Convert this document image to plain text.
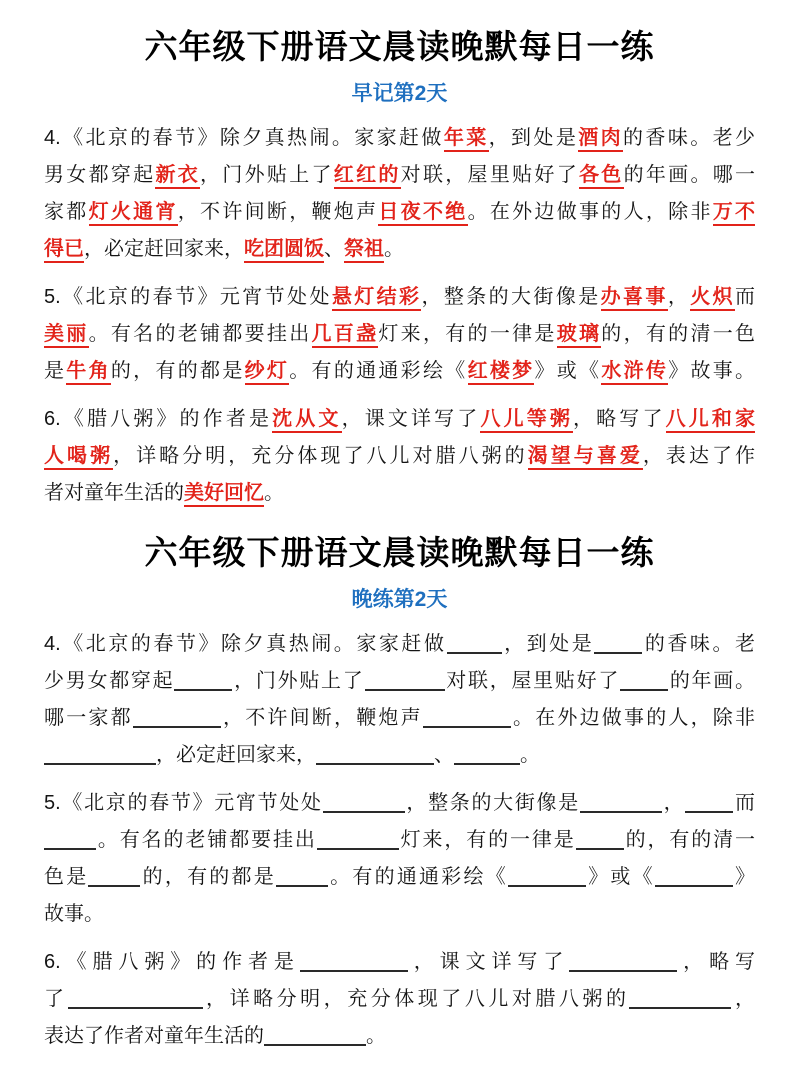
六年级下册语文晨读晚默每日一练
早记第2天
4.《北京的春节》除夕真热闹。家家赶做年菜，到处是酒肉的香味。老少
男女都穿起新衣，门外贴上了红红的对联，屋里贴好了各色的年画。哪一
家都灯火通宵，不许间断，鞭炮声日夜不绝。在外边做事的人，除非万不
得已，必定赶回家来，吃团圆饭、祭祖。
5.《北京的春节》元宵节处处悬灯结彩，整条的大街像是办喜事，火炽而
美丽。有名的老铺都要挂出几百盏灯来，有的一律是玻璃的，有的清一色
是牛角的，有的都是纱灯。有的通通彩绘《红楼梦》或《水浒传》故事。
6.《腊八粥》的作者是沈从文，课文详写了八儿等粥，略写了八儿和家
人喝粥，详略分明，充分体现了八儿对腊八粥的渴望与喜爱，表达了作
者对童年生活的美好回忆。
六年级下册语文晨读晚默每日一练
晚练第2天
4.《北京的春节》除夕真热闹。家家赶做	，到处是 的香味。老
少男女都穿起	，门外贴上了	对联，屋里贴好了 的年画。
哪一家都	，不许间断，鞭炮声	。在外边做事的人，除非
，必定赶回家来，	、	。
5.《北京的春节》元宵节处处	，整条的大街像是	， 而
。有名的老铺都要挂出	灯来，有的一律是 的，有的清一
色是	的，有的都是	。有的通通彩绘《	》或《	》
故事。
6.《腊八粥》的作者是	，课文详写了	，略写
了	，详略分明，充分体现了八儿对腊八粥的	，
表达了作者对童年生活的	。
